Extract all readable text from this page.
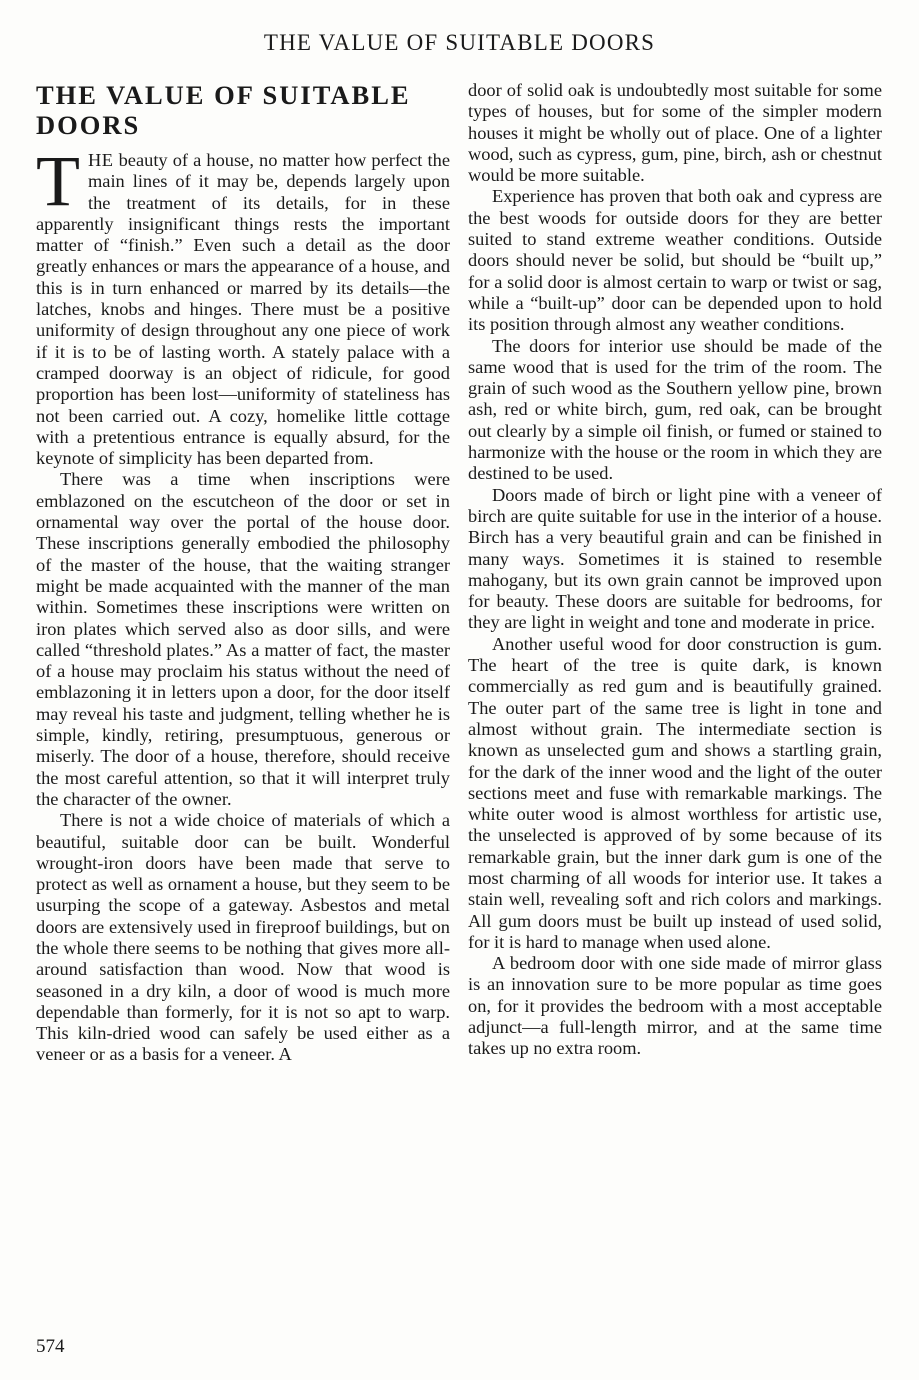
THE VALUE OF SUITABLE DOORS
THE VALUE OF SUITABLE DOORS

THE beauty of a house, no matter how perfect the main lines of it may be, depends largely upon the treatment of its details, for in these apparently insignificant things rests the important matter of “finish.” Even such a detail as the door greatly enhances or mars the appearance of a house, and this is in turn enhanced or marred by its details—the latches, knobs and hinges. There must be a positive uniformity of design throughout any one piece of work if it is to be of lasting worth. A stately palace with a cramped doorway is an object of ridicule, for good proportion has been lost—uniformity of stateliness has not been carried out. A cozy, homelike little cottage with a pretentious entrance is equally absurd, for the keynote of simplicity has been departed from.

There was a time when inscriptions were emblazoned on the escutcheon of the door or set in ornamental way over the portal of the house door. These inscriptions generally embodied the philosophy of the master of the house, that the waiting stranger might be made acquainted with the manner of the man within. Sometimes these inscriptions were written on iron plates which served also as door sills, and were called “threshold plates.” As a matter of fact, the master of a house may proclaim his status without the need of emblazoning it in letters upon a door, for the door itself may reveal his taste and judgment, telling whether he is simple, kindly, retiring, presumptuous, generous or miserly. The door of a house, therefore, should receive the most careful attention, so that it will interpret truly the character of the owner.

There is not a wide choice of materials of which a beautiful, suitable door can be built. Wonderful wrought-iron doors have been made that serve to protect as well as ornament a house, but they seem to be usurping the scope of a gateway. Asbestos and metal doors are extensively used in fireproof buildings, but on the whole there seems to be nothing that gives more all-around satisfaction than wood. Now that wood is seasoned in a dry kiln, a door of wood is much more dependable than formerly, for it is not so apt to warp. This kiln-dried wood can safely be used either as a veneer or as a basis for a veneer. A

door of solid oak is undoubtedly most suitable for some types of houses, but for some of the simpler modern houses it might be wholly out of place. One of a lighter wood, such as cypress, gum, pine, birch, ash or chestnut would be more suitable.

Experience has proven that both oak and cypress are the best woods for outside doors for they are better suited to stand extreme weather conditions. Outside doors should never be solid, but should be “built up,” for a solid door is almost certain to warp or twist or sag, while a “built-up” door can be depended upon to hold its position through almost any weather conditions.

The doors for interior use should be made of the same wood that is used for the trim of the room. The grain of such wood as the Southern yellow pine, brown ash, red or white birch, gum, red oak, can be brought out clearly by a simple oil finish, or fumed or stained to harmonize with the house or the room in which they are destined to be used.

Doors made of birch or light pine with a veneer of birch are quite suitable for use in the interior of a house. Birch has a very beautiful grain and can be finished in many ways. Sometimes it is stained to resemble mahogany, but its own grain cannot be improved upon for beauty. These doors are suitable for bedrooms, for they are light in weight and tone and moderate in price.

Another useful wood for door construction is gum. The heart of the tree is quite dark, is known commercially as red gum and is beautifully grained. The outer part of the same tree is light in tone and almost without grain. The intermediate section is known as unselected gum and shows a startling grain, for the dark of the inner wood and the light of the outer sections meet and fuse with remarkable markings. The white outer wood is almost worthless for artistic use, the unselected is approved of by some because of its remarkable grain, but the inner dark gum is one of the most charming of all woods for interior use. It takes a stain well, revealing soft and rich colors and markings. All gum doors must be built up instead of used solid, for it is hard to manage when used alone.

A bedroom door with one side made of mirror glass is an innovation sure to be more popular as time goes on, for it provides the bedroom with a most acceptable adjunct—a full-length mirror, and at the same time takes up no extra room.

574
